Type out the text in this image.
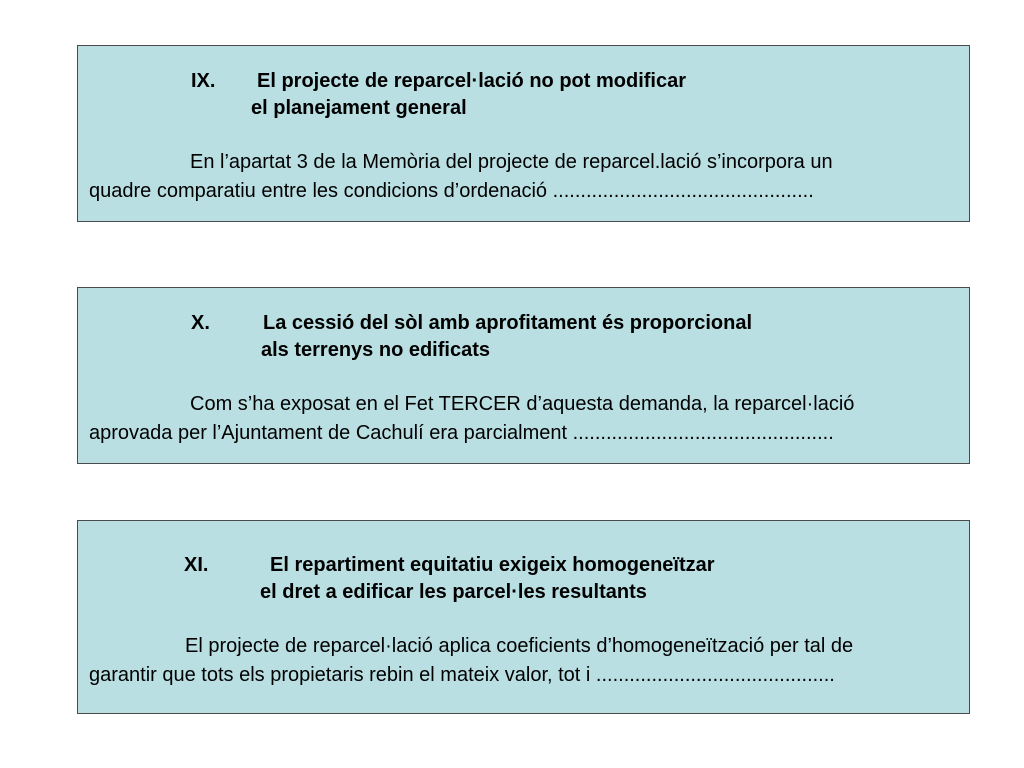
IX. El projecte de reparcel·lació no pot modificar
el planejament general
En l’apartat 3 de la Memòria del projecte de reparcel.lació s’incorpora un
quadre comparatiu entre les condicions d’ordenació ...............................................
X.	La cessió del sòl amb aprofitament és proporcional
als terrenys no edificats
Com s’ha exposat en el Fet TERCER d’aquesta demanda, la reparcel·lació
aprovada per l’Ajuntament de Cachulí era parcialment ...............................................
XI.	El repartiment equitatiu exigeix homogeneïtzar
el dret a edificar les parcel·les resultants
El projecte de reparcel·lació aplica coeficients d’homogeneïtzació per tal de
garantir que tots els propietaris rebin el mateix valor, tot i ...........................................
